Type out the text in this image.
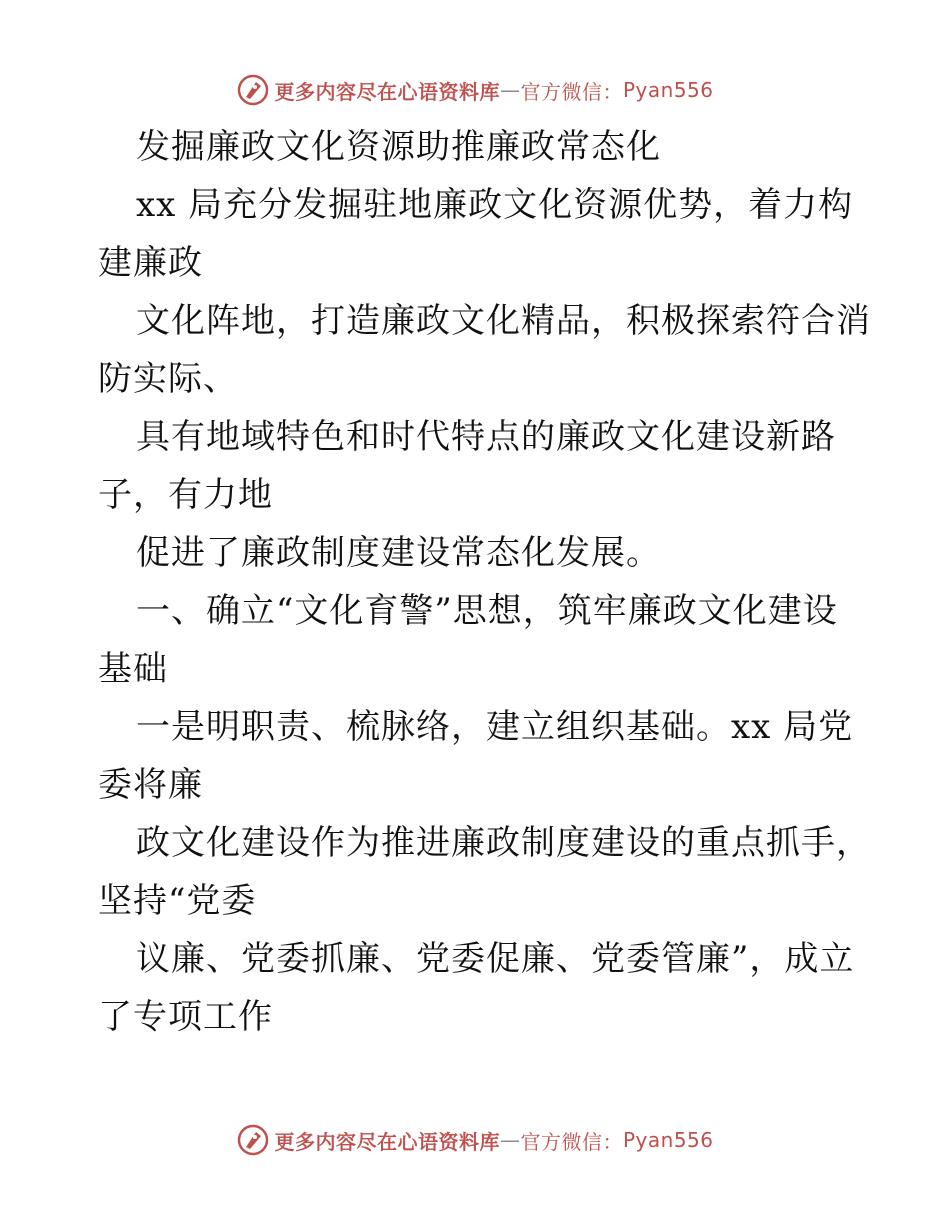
更多内容尽在心语资料库 — 官方微信： Pyan556
发掘廉政文化资源助推廉政常态化
xx 局充分发掘驻地廉政文化资源优势，着力构
建廉政
文化阵地，打造廉政文化精品，积极探索符合消
防实际、
具有地域特色和时代特点的廉政文化建设新路
子，有力地
促进了廉政制度建设常态化发展。
一、确立“文化育警”思想，筑牢廉政文化建设
基础
一是明职责、梳脉络，建立组织基础。xx 局党
委将廉
政文化建设作为推进廉政制度建设的重点抓手，
坚持“党委
议廉、党委抓廉、党委促廉、党委管廉”，成立
了专项工作
更多内容尽在心语资料库 — 官方微信： Pyan556
